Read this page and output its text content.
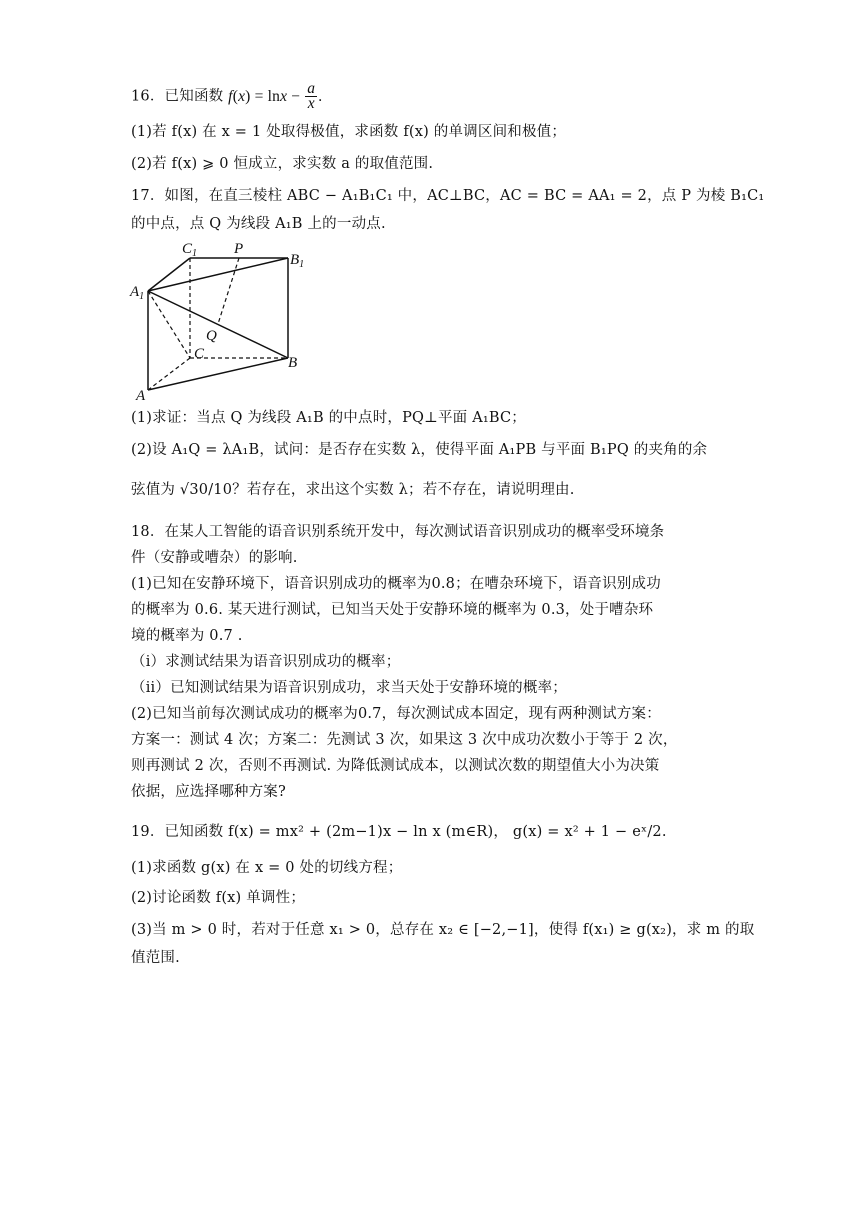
16．已知函数 $f(x) = \ln x - \frac{a}{x}$ .
(1)若 f(x) 在 x = 1 处取得极值，求函数 f(x) 的单调区间和极值；
(2)若 f(x) ⩾ 0 恒成立，求实数 a 的取值范围.
17．如图，在直三棱柱 ABC − A₁B₁C₁ 中，AC⊥BC，AC = BC = AA₁ = 2，点 P 为棱 B₁C₁
的中点，点 Q 为线段 A₁B 上的一动点.
$C_1$ P
$B_1$
$A_1$
Q
C
B
A
(1)求证：当点 Q 为线段 A₁B 的中点时，PQ⊥平面 A₁BC；
(2)设 A₁Q = λA₁B，试问：是否存在实数 λ，使得平面 A₁PB 与平面 B₁PQ 的夹角的余
弦值为 √30/10？若存在，求出这个实数 λ；若不存在，请说明理由.
18．在某人工智能的语音识别系统开发中，每次测试语音识别成功的概率受环境条
件（安静或嘈杂）的影响.
(1)已知在安静环境下，语音识别成功的概率为0.8；在嘈杂环境下，语音识别成功
的概率为 0.6. 某天进行测试，已知当天处于安静环境的概率为 0.3，处于嘈杂环
境的概率为 0.7 .
（i）求测试结果为语音识别成功的概率；
（ii）已知测试结果为语音识别成功，求当天处于安静环境的概率；
(2)已知当前每次测试成功的概率为0.7，每次测试成本固定，现有两种测试方案：
方案一：测试 4 次；方案二：先测试 3 次，如果这 3 次中成功次数小于等于 2 次，
则再测试 2 次，否则不再测试. 为降低测试成本，以测试次数的期望值大小为决策
依据，应选择哪种方案?
19．已知函数 f(x) = mx² + (2m−1)x − ln x (m∈R)， g(x) = x² + 1 − eˣ/2.
(1)求函数 g(x) 在 x = 0 处的切线方程；
(2)讨论函数 f(x) 单调性；
(3)当 m > 0 时，若对于任意 x₁ > 0，总存在 x₂ ∈ [−2,−1]，使得 f(x₁) ≥ g(x₂)，求 m 的取
值范围.
